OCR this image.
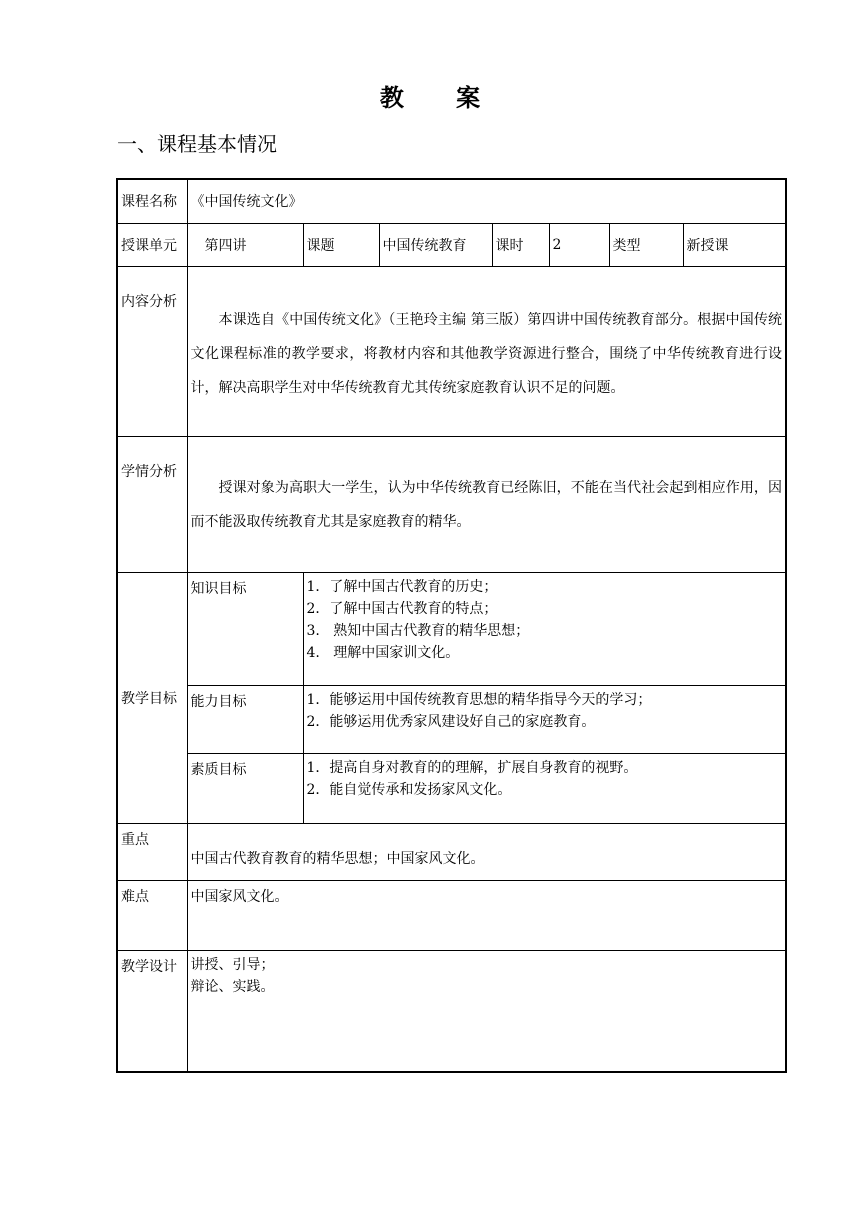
教 案
一、课程基本情况
课程名称	《中国传统文化》						
授课单元	第四讲	课题	中国传统教育	课时	2	类型	新授课
内容分析	本课选自《中国传统文化》（王艳玲主编 第三版）第四讲中国传统教育部分。根据中国传统文化课程标准的教学要求，将教材内容和其他教学资源进行整合，围绕了中华传统教育进行设计，解决高职学生对中华传统教育尤其传统家庭教育认识不足的问题。						

学情分析	授课对象为高职大一学生，认为中华传统教育已经陈旧，不能在当代社会起到相应作用，因而不能汲取传统教育尤其是家庭教育的精华。						

教学目标	知识目标	1．了解中国古代教育的历史；
2．了解中国古代教育的特点；
3.   熟知中国古代教育的精华思想；
4.   理解中国家训文化。					

	能力目标	1．能够运用中国传统教育思想的精华指导今天的学习；
2．能够运用优秀家风建设好自己的家庭教育。					

	素质目标	1．提高自身对教育的的理解，扩展自身教育的视野。
2．能自觉传承和发扬家风文化。					

重点	中国古代教育教育的精华思想；中国家风文化。						
难点	中国家风文化。						
教学设计	讲授、引导；
辩论、实践。						
